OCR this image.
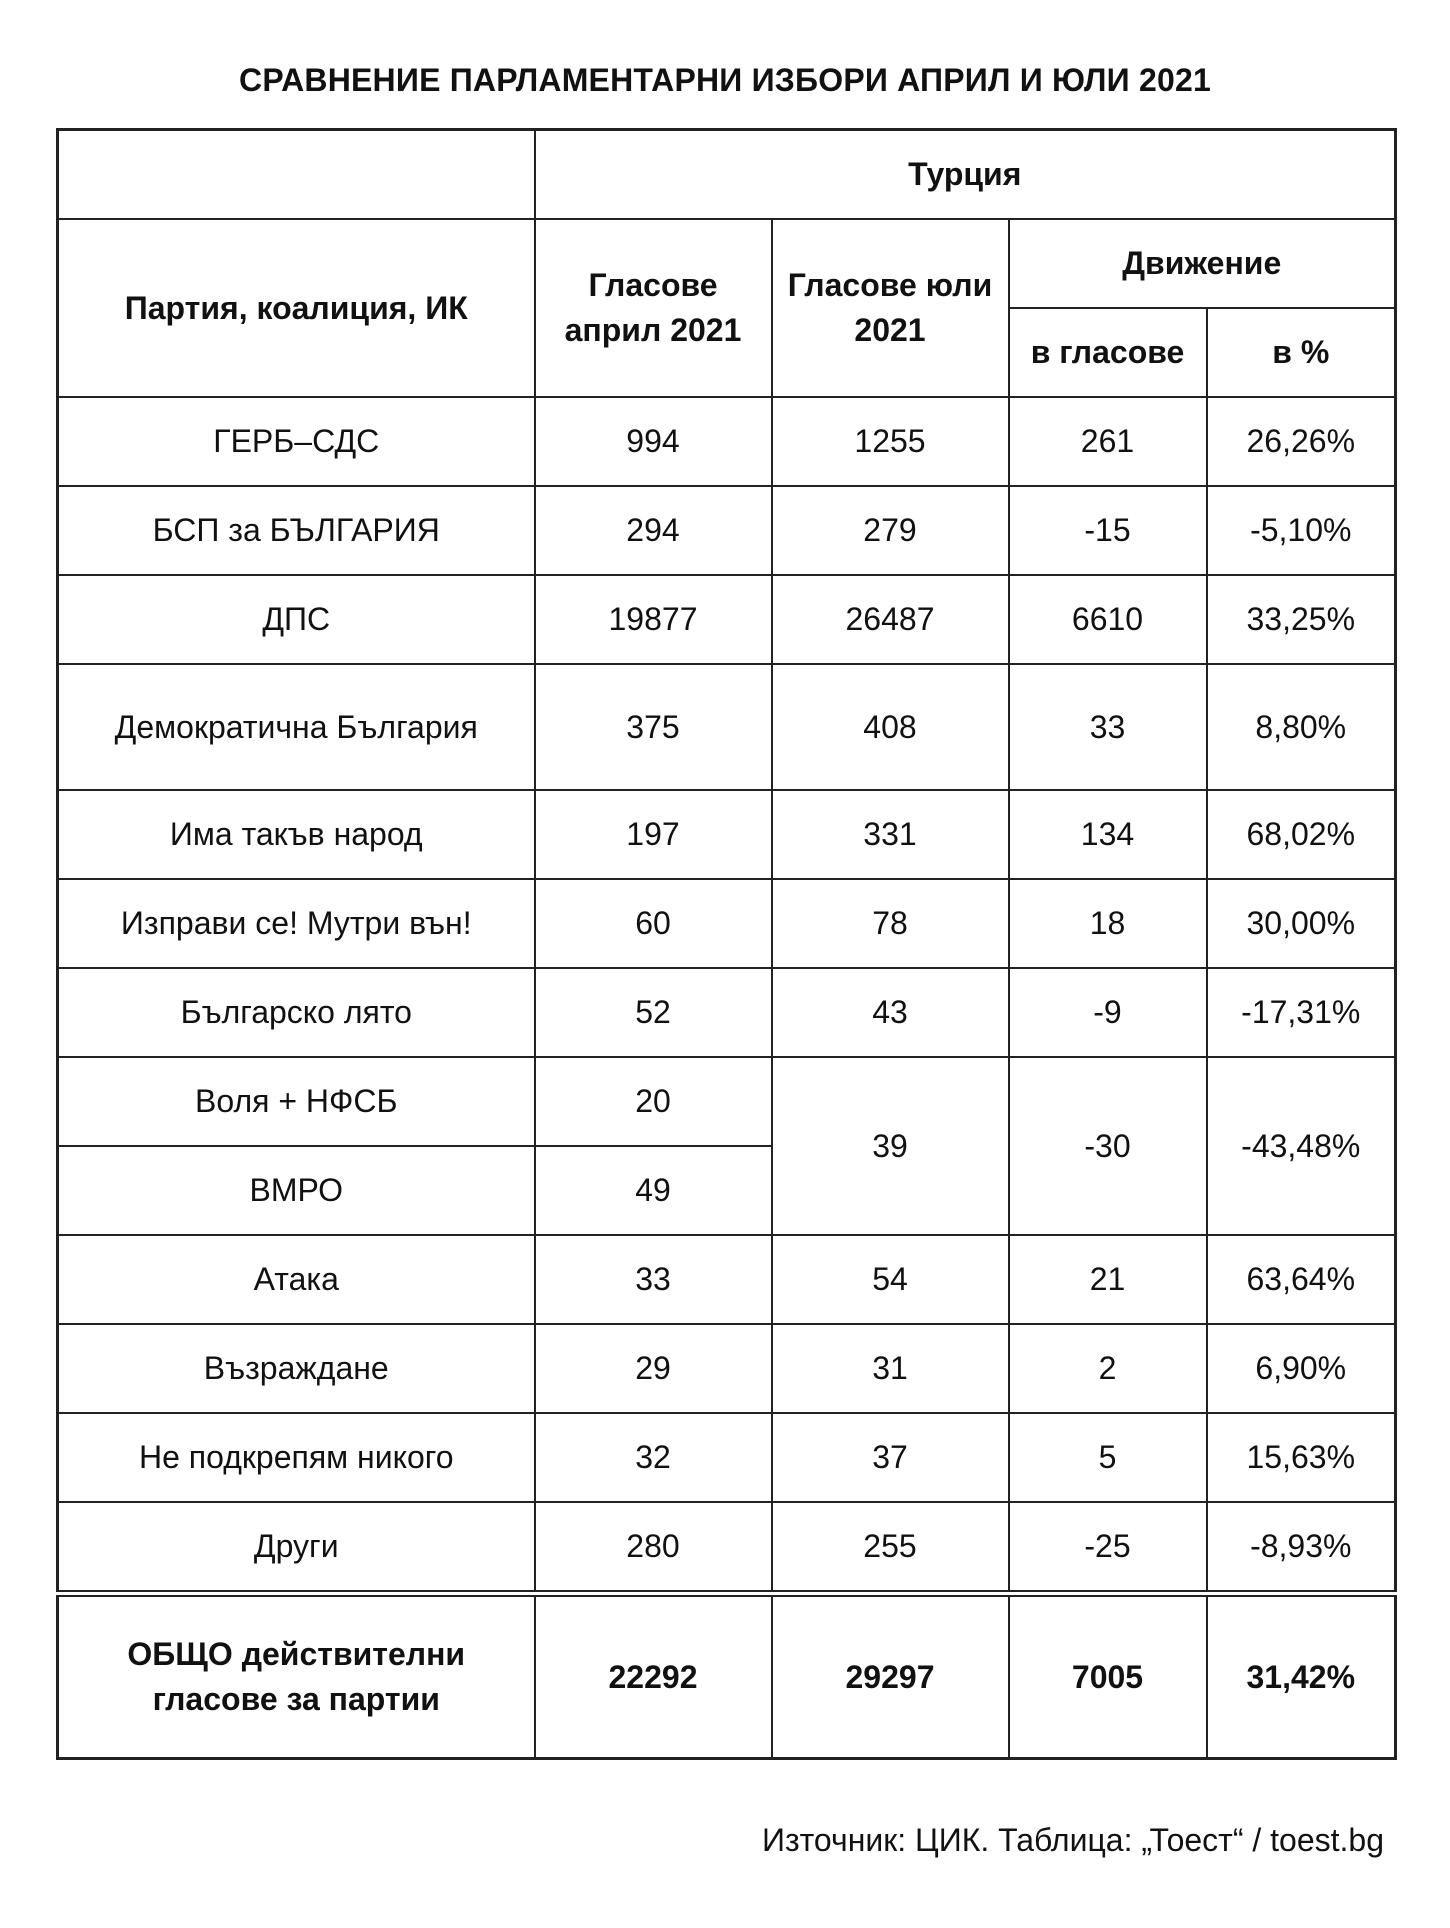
СРАВНЕНИЕ ПАРЛАМЕНТАРНИ ИЗБОРИ АПРИЛ И ЮЛИ 2021
	Турция			
Партия, коалиция, ИК	Гласове април 2021	Гласове юли 2021	Движение	
			в гласове	в %
ГЕРБ–СДС	994	1255	261	26,26%
БСП за БЪЛГАРИЯ	294	279	-15	-5,10%
ДПС	19877	26487	6610	33,25%
Демократична България	375	408	33	8,80%
Има такъв народ	197	331	134	68,02%
Изправи се! Мутри вън!	60	78	18	30,00%
Българско лято	52	43	-9	-17,31%
Воля + НФСБ	20	39	-30	-43,48%
ВМРО	49			
Атака	33	54	21	63,64%
Възраждане	29	31	2	6,90%
Не подкрепям никого	32	37	5	15,63%
Други	280	255	-25	-8,93%
ОБЩО действителни гласове за партии	22292	29297	7005	31,42%
Източник: ЦИК. Таблица: „Тоест“ / toest.bg
